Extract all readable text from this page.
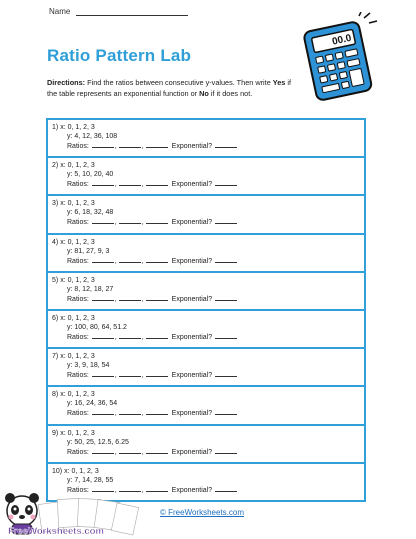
Name
Ratio Pattern Lab
Directions: Find the ratios between consecutive y-values. Then write Yes if the table represents an exponential function or No if it does not.
00.0
1) x: 0, 1, 2, 3
y: 4, 12, 36, 108
Ratios:	,	,	Exponential?
2) x: 0, 1, 2, 3
y: 5, 10, 20, 40
Ratios:	,	,	Exponential?
3) x: 0, 1, 2, 3
y: 6, 18, 32, 48
Ratios:	,	,	Exponential?
4) x: 0, 1, 2, 3
y: 81, 27, 9, 3
Ratios:	,	,	Exponential?
5) x: 0, 1, 2, 3
y: 8, 12, 18, 27
Ratios:	,	,	Exponential?
6) x: 0, 1, 2, 3
y: 100, 80, 64, 51.2
Ratios:	,	,	Exponential?
7) x: 0, 1, 2, 3
y: 3, 9, 18, 54
Ratios:	,	,	Exponential?
8) x: 0, 1, 2, 3
y: 16, 24, 36, 54
Ratios:	,	,	Exponential?
9) x: 0, 1, 2, 3
y: 50, 25, 12.5, 6.25
Ratios:	,	,	Exponential?
10) x: 0, 1, 2, 3
y: 7, 14, 28, 55
Ratios:	,	,	Exponential?
FreeWorksheets.com
© FreeWorksheets.com
